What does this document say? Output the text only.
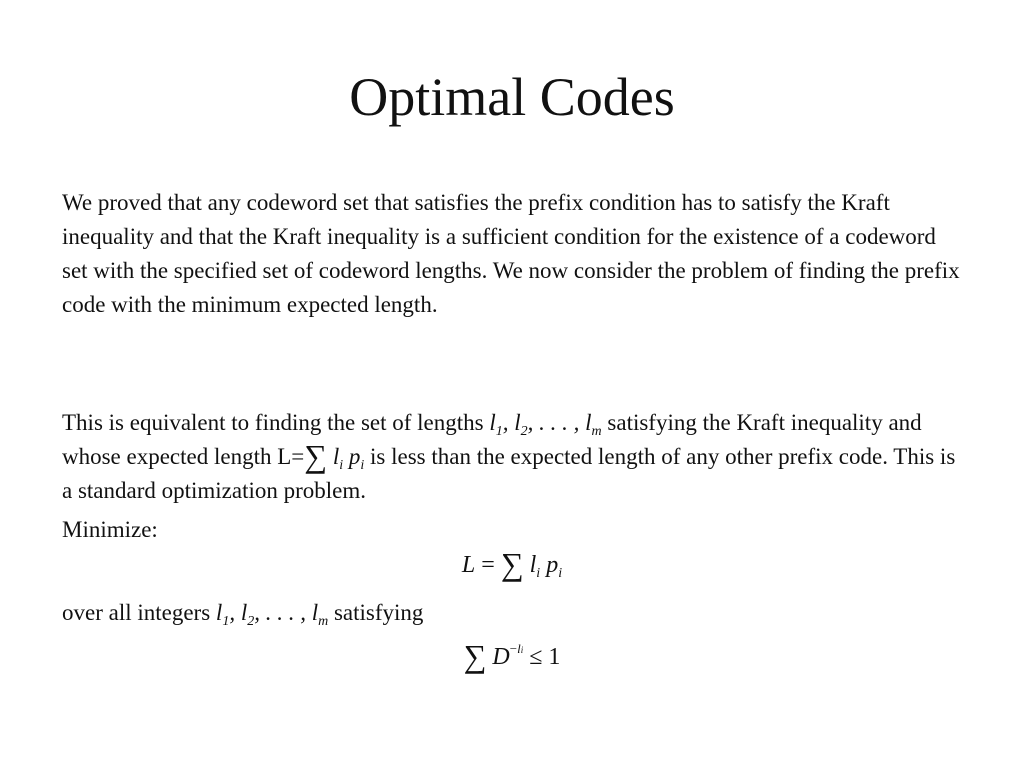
Optimal Codes
We proved that any codeword set that satisfies the prefix condition has to satisfy the Kraft inequality and that the Kraft inequality is a sufficient condition for the existence of a codeword set with the specified set of codeword lengths. We now consider the problem of finding the prefix code with the minimum expected length.
This is equivalent to finding the set of lengths $l_1$, $l_2$, . . . , $l_m$ satisfying the Kraft inequality and whose expected length L=∑ $l_i$ $p_i$ is less than the expected length of any other prefix code. This is a standard optimization problem.
Minimize:
L = ∑ $l_i$ $p_i$
over all integers $l_1$, $l_2$, . . . , $l_m$ satisfying
∑ $D^{-li} \le 1$
